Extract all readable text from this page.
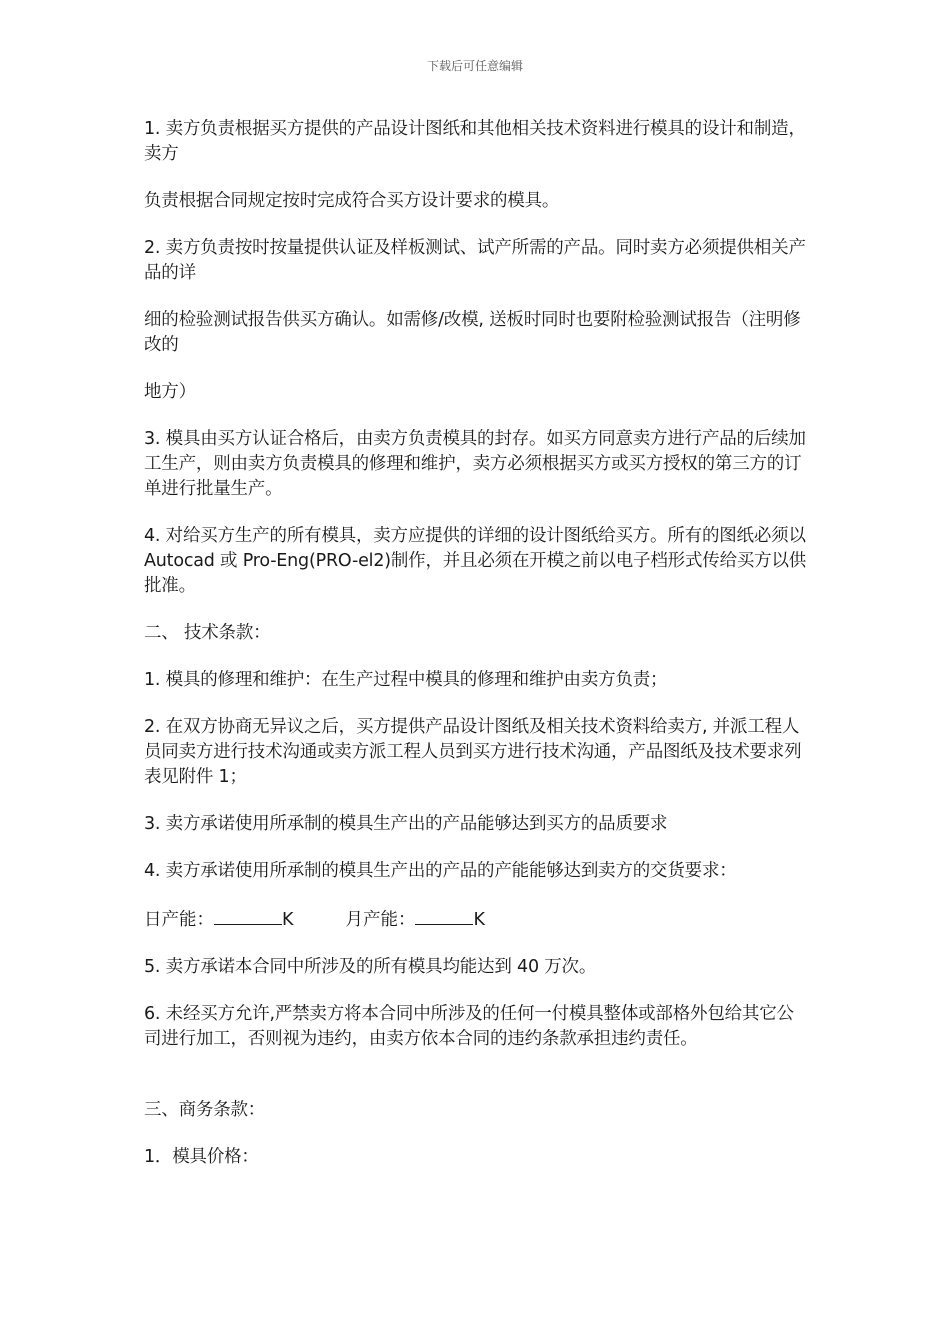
下载后可任意编辑

1. 卖方负责根据买方提供的产品设计图纸和其他相关技术资料进行模具的设计和制造，卖方

负责根据合同规定按时完成符合买方设计要求的模具。

2. 卖方负责按时按量提供认证及样板测试、试产所需的产品。同时卖方必须提供相关产品的详

细的检验测试报告供买方确认。如需修/改模, 送板时同时也要附检验测试报告（注明修改的

地方）

3. 模具由买方认证合格后，由卖方负责模具的封存。如买方同意卖方进行产品的后续加工生产，则由卖方负责模具的修理和维护，卖方必须根据买方或买方授权的第三方的订单进行批量生产。

4. 对给买方生产的所有模具，卖方应提供的详细的设计图纸给买方。所有的图纸必须以 Autocad 或 Pro-Eng(PRO-el2)制作，并且必须在开模之前以电子档形式传给买方以供批准。

二、 技术条款：

1. 模具的修理和维护：在生产过程中模具的修理和维护由卖方负责；

2. 在双方协商无异议之后，买方提供产品设计图纸及相关技术资料给卖方, 并派工程人员同卖方进行技术沟通或卖方派工程人员到买方进行技术沟通，产品图纸及技术要求列表见附件 1；

3. 卖方承诺使用所承制的模具生产出的产品能够达到买方的品质要求

4. 卖方承诺使用所承制的模具生产出的产品的产能能够达到卖方的交货要求：

日产能：	K	月产能：	K

5. 卖方承诺本合同中所涉及的所有模具均能达到 40 万次。

6. 未经买方允许,严禁卖方将本合同中所涉及的任何一付模具整体或部格外包给其它公司进行加工，否则视为违约，由卖方依本合同的违约条款承担违约责任。

三、商务条款：

1．模具价格：
